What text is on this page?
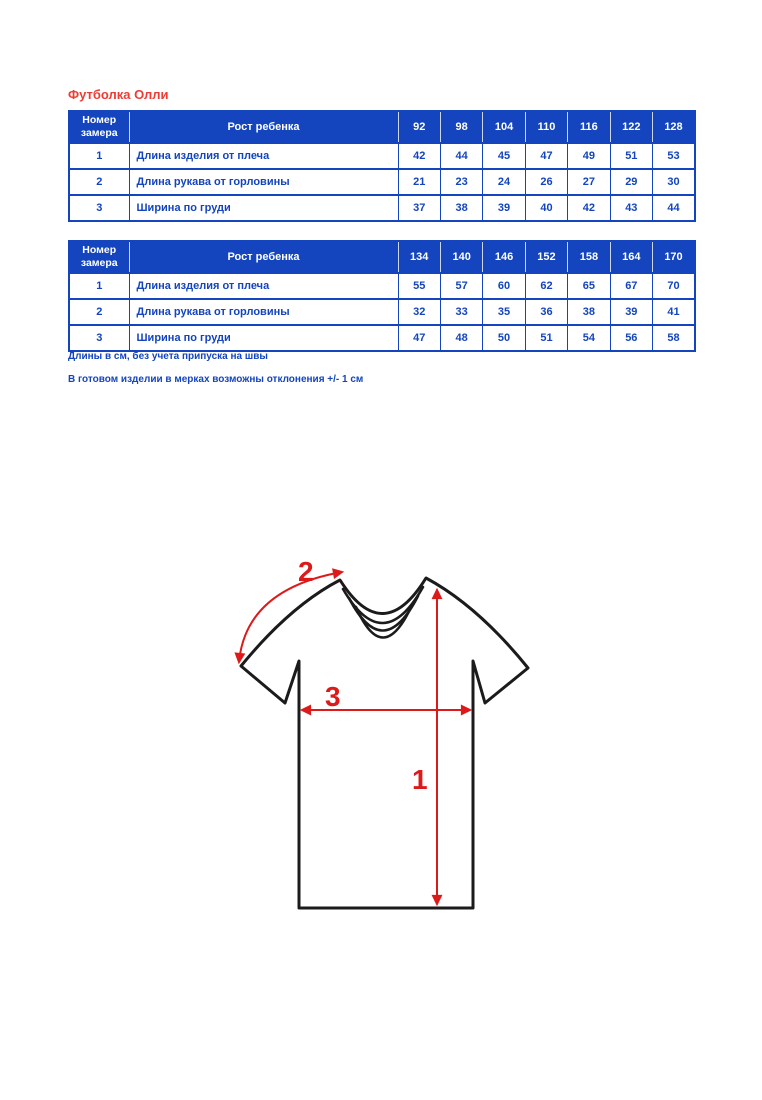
Футболка Олли
Номер замера	Рост ребенка	92	98	104	110	116	122	128
1	Длина изделия от плеча	42	44	45	47	49	51	53
2	Длина рукава от горловины	21	23	24	26	27	29	30
3	Ширина по груди	37	38	39	40	42	43	44
Номер замера	Рост ребенка	134	140	146	152	158	164	170
1	Длина изделия от плеча	55	57	60	62	65	67	70
2	Длина рукава от горловины	32	33	35	36	38	39	41
3	Ширина по груди	47	48	50	51	54	56	58
Длины в см, без учета припуска на швы
В готовом изделии в мерках возможны отклонения +/- 1 см
2
3
1
